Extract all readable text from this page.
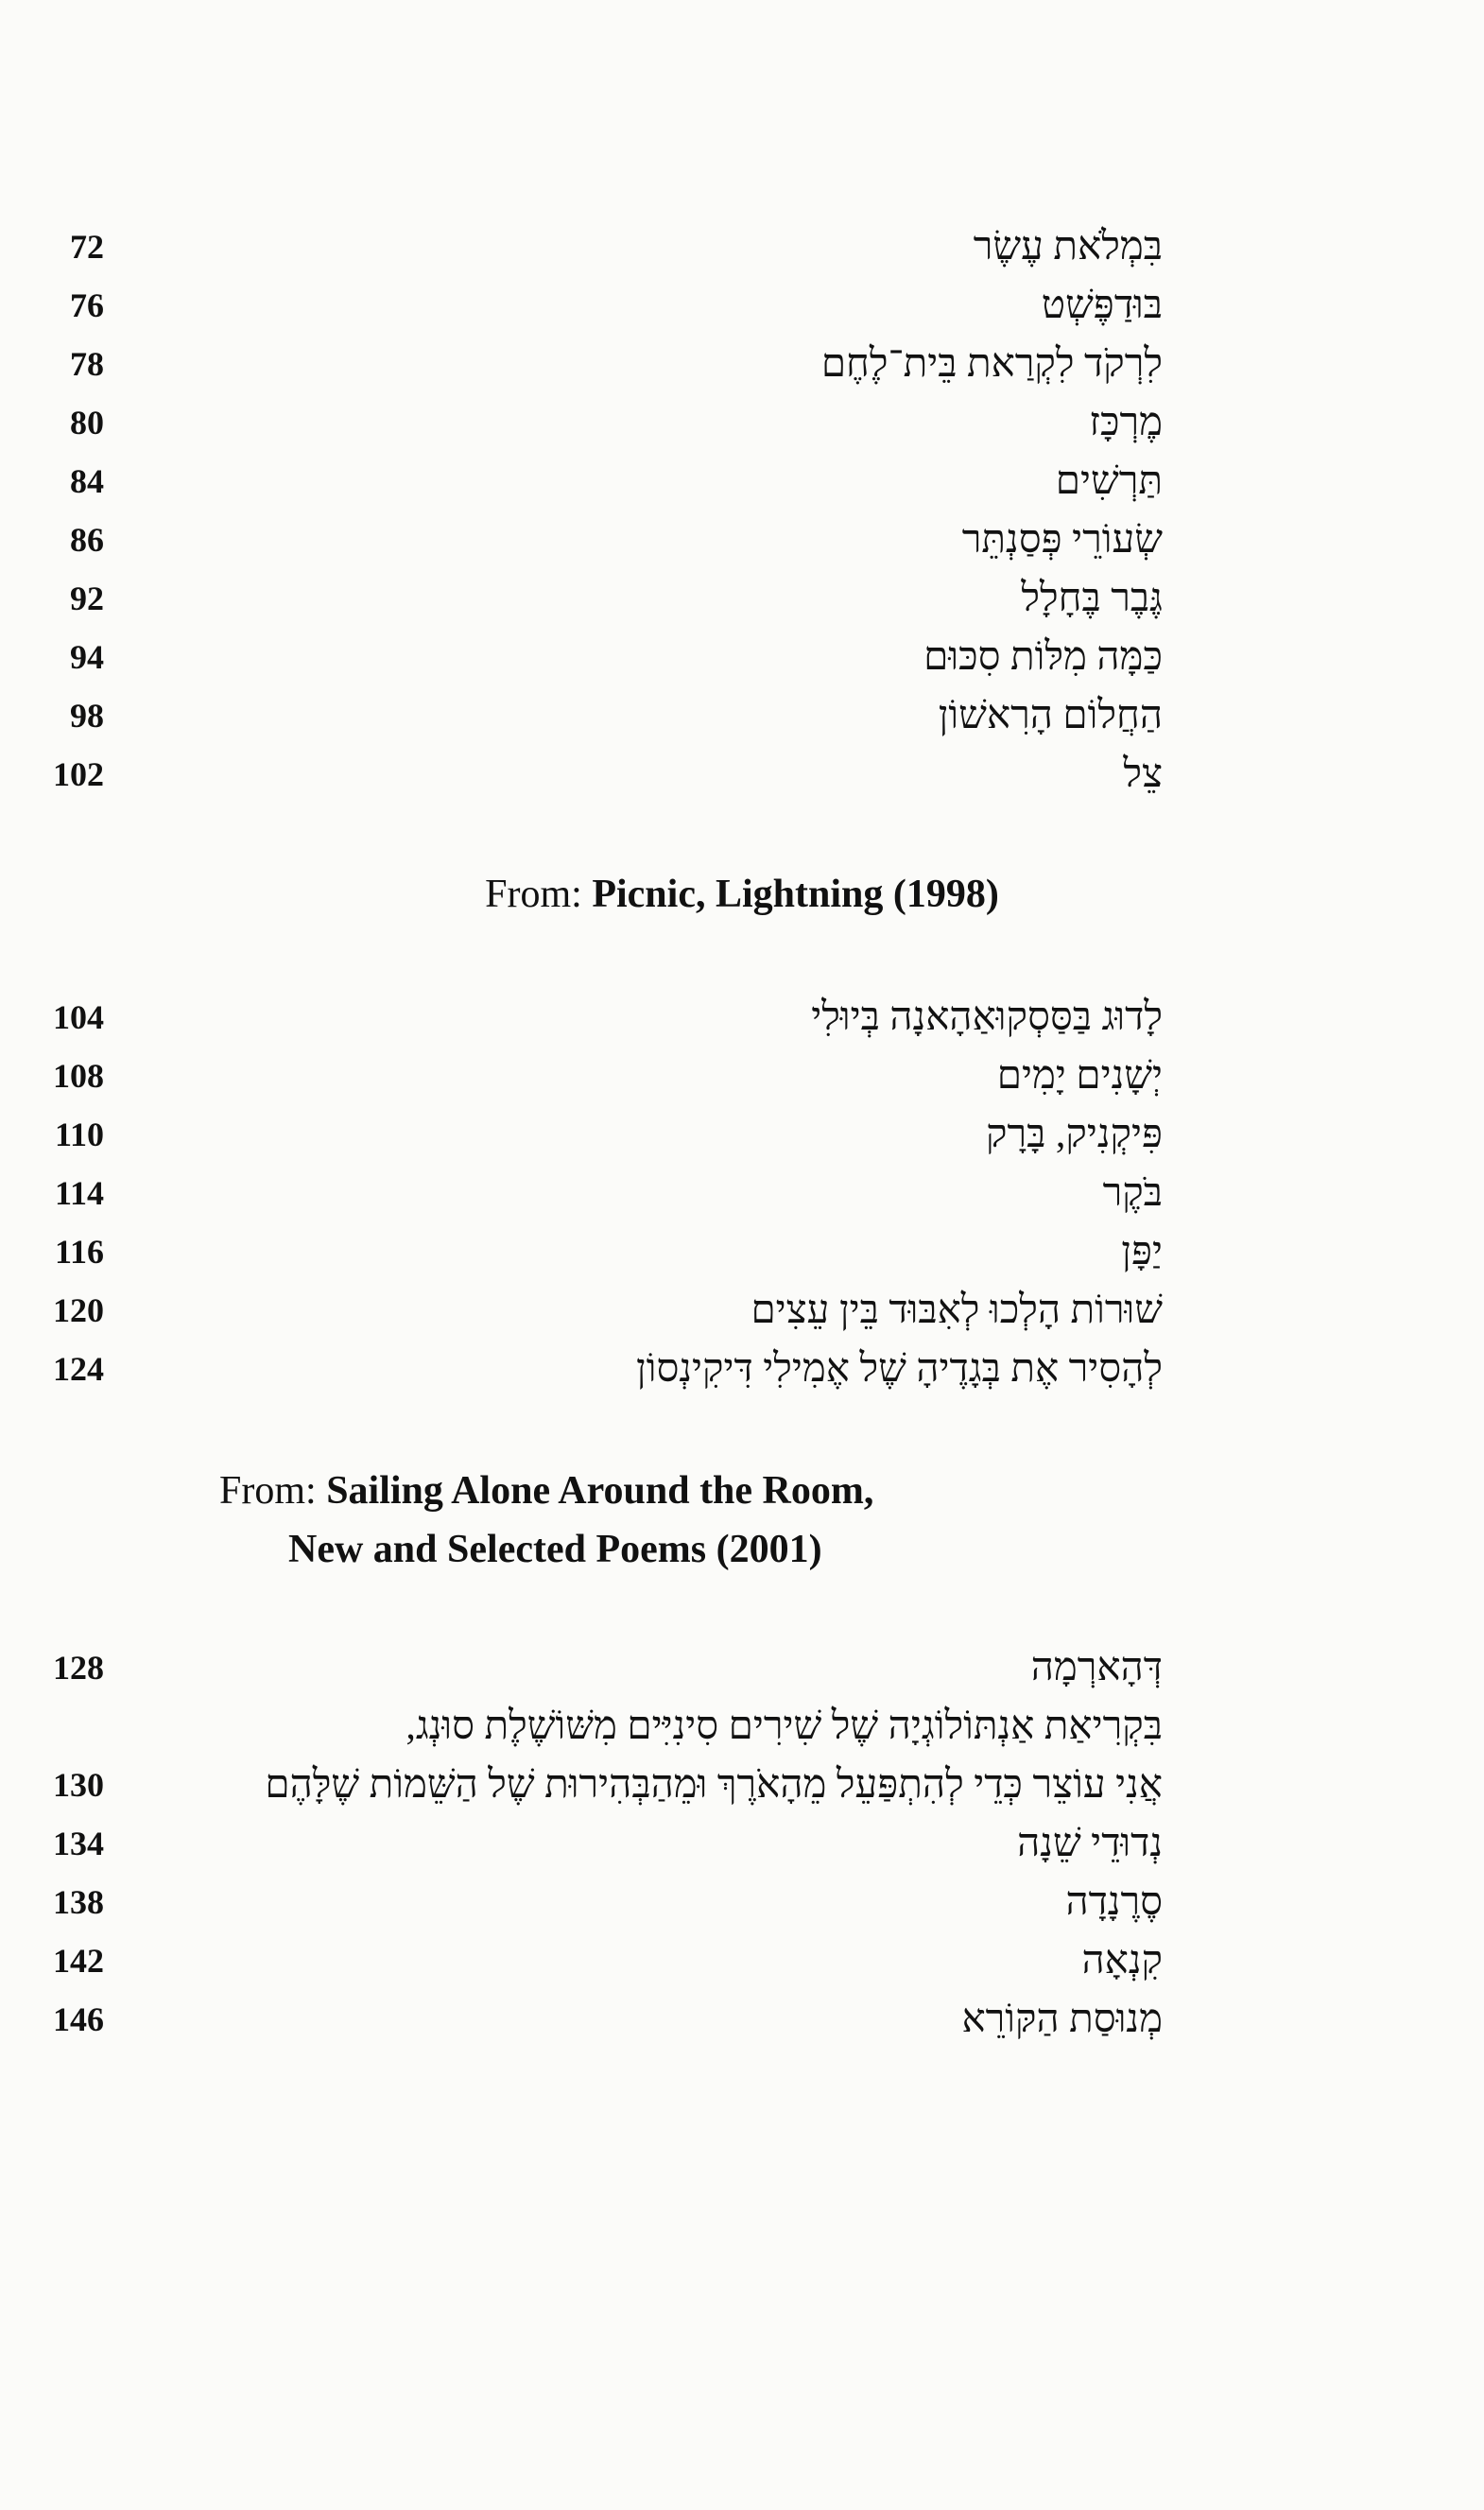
72	בִּמְלֹאת עֶשֶׂר
76	בּוּדַפֶּשְׁט
78	לִרְקֹד לִקְרַאת בֵּית־לֶחֶם
80	מֶרְכָּז
84	תַּרְשִׁים
86	שְׂעוֹרֵי פְּסַנְתֵּר
92	גֶּבֶר בֶּחָלָל
94	כַּמָּה מִלּוֹת סִכּוּם
98	הַחֲלוֹם הָרִאשׁוֹן
102	צֵל
From: Picnic, Lightning (1998)
104	לָדוּג בַּסַּסְקוּאַהָאנָה בְּיוּלִי
108	יְשָׁנִים יָמִים
110	פִּיקְנִיק, בָּרָק
114	בֹּקֶר
116	יַפָּן
120	שׁוּרוֹת הָלְכוּ לְאִבּוּד בֵּין עֵצִים
124	לְהָסִיר אֶת בְּגָדֶיהָ שֶׁל אֶמִילִי דִּיקִינְסוֹן
From: Sailing Alone Around the Room,
New and Selected Poems (2001)
128	דְּהָארְמָה
בִּקְרִיאַת אַנְתּוֹלוֹגְיָה שֶׁל שִׁירִים סִינִיִּים מִשּׁוֹשֶׁלֶת סוּנְג,
130	אֲנִי עוֹצֵר כְּדֵי לְהִתְפַּעֵל מֵהָאֹרֶךְ וּמֵהַבְּהִירוּת שֶׁל הַשֵּׁמוֹת שֶׁלָּהֶם
134	נְדוּדֵי שֵׁנָה
138	סֶרֶנָדָה
142	קִנְאָה
146	מְנוּסַת הַקּוֹרֵא
